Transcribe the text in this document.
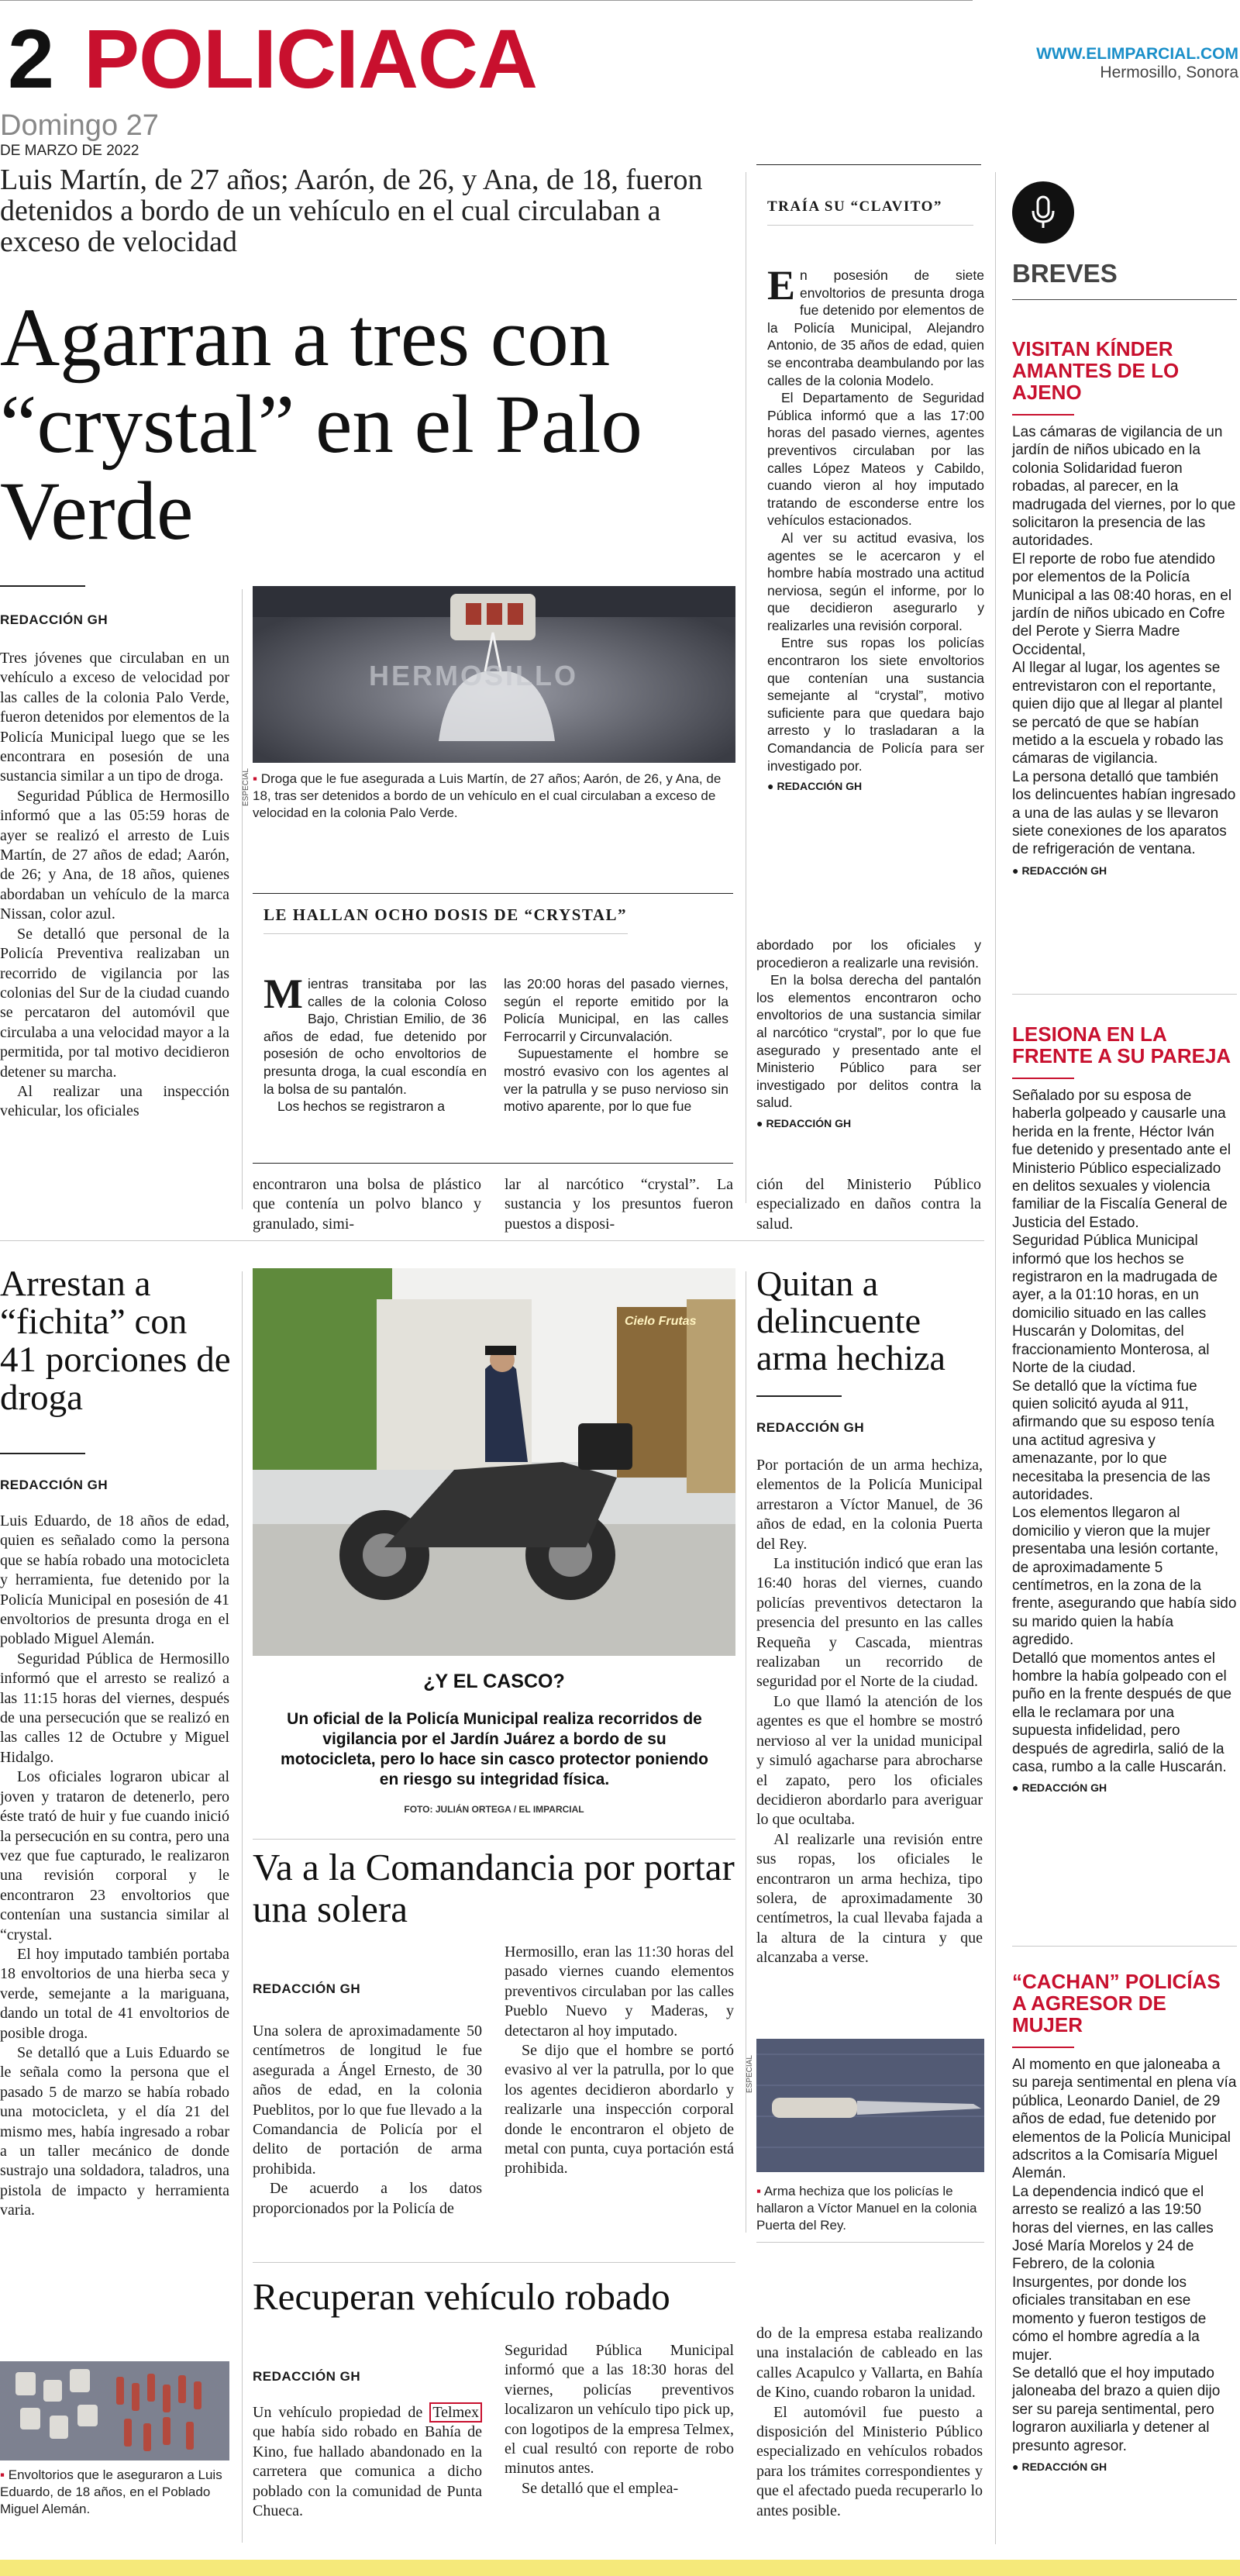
2 POLICIACA
Domingo 27
DE MARZO DE 2022
WWW.ELIMPARCIAL.COM
Hermosillo, Sonora
Luis Martín, de 27 años; Aarón, de 26, y Ana, de 18, fueron detenidos a bordo de un vehículo en el cual circulaban a exceso de velocidad
Agarran a tres con “crystal” en el Palo Verde
REDACCIÓN GH

Tres jóvenes que circulaban en un vehículo a exceso de velocidad por las calles de la colonia Palo Verde, fueron detenidos por elementos de la Policía Municipal luego que se les encontrara en posesión de una sustancia similar a un tipo de droga.

Seguridad Pública de Hermosillo informó que a las 05:59 horas de ayer se realizó el arresto de Luis Martín, de 27 años de edad; Aarón, de 26; y Ana, de 18 años, quienes abordaban un vehículo de la marca Nissan, color azul.

Se detalló que personal de la Policía Preventiva realizaban un recorrido de vigilancia por las colonias del Sur de la ciudad cuando se percataron del automóvil que circulaba a una velocidad mayor a la permitida, por tal motivo decidieron detener su marcha.

Al realizar una inspección vehicular, los oficiales

HERMOSILLO
ESPECIAL ▪ Droga que le fue asegurada a Luis Martín, de 27 años; Aarón, de 26, y Ana, de 18, tras ser detenidos a bordo de un vehículo en el cual circulaban a exceso de velocidad en la colonia Palo Verde.
LE HALLAN OCHO DOSIS DE “CRYSTAL”

Mientras transitaba por las calles de la colonia Coloso Bajo, Christian Emilio, de 36 años de edad, fue detenido por posesión de ocho envoltorios de presunta droga, la cual escondía en la bolsa de su pantalón.

Los hechos se registraron a

las 20:00 horas del pasado viernes, según el reporte emitido por la Policía Municipal, en las calles Ferrocarril y Circunvalación.

Supuestamente el hombre se mostró evasivo con los agentes al ver la patrulla y se puso nervioso sin motivo aparente, por lo que fue

abordado por los oficiales y procedieron a realizarle una revisión.

En la bolsa derecha del pantalón los elementos encontraron ocho envoltorios de una sustancia similar al narcótico “crystal”, por lo que fue asegurado y presentado ante el Ministerio Público para ser investigado por delitos contra la salud.

● REDACCIÓN GH

encontraron una bolsa de plástico que contenía un polvo blanco y granulado, simi-

lar al narcótico “crystal”. La sustancia y los presuntos fueron puestos a disposi-

ción del Ministerio Público especializado en daños contra la salud.

TRAÍA SU “CLAVITO”

En posesión de siete envoltorios de presunta droga fue detenido por elementos de la Policía Municipal, Alejandro Antonio, de 35 años de edad, quien se encontraba deambulando por las calles de la colonia Modelo.

El Departamento de Seguridad Pública informó que a las 17:00 horas del pasado viernes, agentes preventivos circulaban por las calles López Mateos y Cabildo, cuando vieron al hoy imputado tratando de esconderse entre los vehículos estacionados.

Al ver su actitud evasiva, los agentes se le acercaron y el hombre había mostrado una actitud nerviosa, según el informe, por lo que decidieron asegurarlo y realizarles una revisión corporal.

Entre sus ropas los policías encontraron los siete envoltorios que contenían una sustancia semejante al “crystal”, motivo suficiente para que quedara bajo arresto y lo trasladaran a la Comandancia de Policía para ser investigado por.

● REDACCIÓN GH
BREVES
VISITAN KÍNDER AMANTES DE LO AJENO

Las cámaras de vigilancia de un jardín de niños ubicado en la colonia Solidaridad fueron robadas, al parecer, en la madrugada del viernes, por lo que solicitaron la presencia de las autoridades.

El reporte de robo fue atendido por elementos de la Policía Municipal a las 08:40 horas, en el jardín de niños ubicado en Cofre del Perote y Sierra Madre Occidental,

Al llegar al lugar, los agentes se entrevistaron con el reportante, quien dijo que al llegar al plantel se percató de que se habían metido a la escuela y robado las cámaras de vigilancia.

La persona detalló que también los delincuentes habían ingresado a una de las aulas y se llevaron siete conexiones de los aparatos de refrigeración de ventana.

● REDACCIÓN GH
LESIONA EN LA FRENTE A SU PAREJA

Señalado por su esposa de haberla golpeado y causarle una herida en la frente, Héctor Iván fue detenido y presentado ante el Ministerio Público especializado en delitos sexuales y violencia familiar de la Fiscalía General de Justicia del Estado.

Seguridad Pública Municipal informó que los hechos se registraron en la madrugada de ayer, a la 01:10 horas, en un domicilio situado en las calles Huscarán y Dolomitas, del fraccionamiento Monterosa, al Norte de la ciudad.

Se detalló que la víctima fue quien solicitó ayuda al 911, afirmando que su esposo tenía una actitud agresiva y amenazante, por lo que necesitaba la presencia de las autoridades.

Los elementos llegaron al domicilio y vieron que la mujer presentaba una lesión cortante, de aproximadamente 5 centímetros, en la zona de la frente, asegurando que había sido su marido quien la había agredido.

Detalló que momentos antes el hombre la había golpeado con el puño en la frente después de que ella le reclamara por una supuesta infidelidad, pero después de agredirla, salió de la casa, rumbo a la calle Huscarán.

● REDACCIÓN GH
“CACHAN” POLICÍAS A AGRESOR DE MUJER

Al momento en que jaloneaba a su pareja sentimental en plena vía pública, Leonardo Daniel, de 29 años de edad, fue detenido por elementos de la Policía Municipal adscritos a la Comisaría Miguel Alemán.

La dependencia indicó que el arresto se realizó a las 19:50 horas del viernes, en las calles José María Morelos y 24 de Febrero, de la colonia Insurgentes, por donde los oficiales transitaban en ese momento y fueron testigos de cómo el hombre agredía a la mujer.

Se detalló que el hoy imputado jaloneaba del brazo a quien dijo ser su pareja sentimental, pero lograron auxiliarla y detener al presunto agresor.

● REDACCIÓN GH
Arrestan a “fichita” con 41 porciones de droga
REDACCIÓN GH

Luis Eduardo, de 18 años de edad, quien es señalado como la persona que se había robado una motocicleta y herramienta, fue detenido por la Policía Municipal en posesión de 41 envoltorios de presunta droga en el poblado Miguel Alemán.

Seguridad Pública de Hermosillo informó que el arresto se realizó a las 11:15 horas del viernes, después de una persecución que se realizó en las calles 12 de Octubre y Miguel Hidalgo.

Los oficiales lograron ubicar al joven y trataron de detenerlo, pero éste trató de huir y fue cuando inició la persecución en su contra, pero una vez que fue capturado, le realizaron una revisión corporal y le encontraron 23 envoltorios que contenían una sustancia similar al “crystal.

El hoy imputado también portaba 18 envoltorios de una hierba seca y verde, semejante a la mariguana, dando un total de 41 envoltorios de posible droga.

Se detalló que a Luis Eduardo se le señala como la persona que el pasado 5 de marzo se había robado una motocicleta, y el día 21 del mismo mes, había ingresado a robar a un taller mecánico de donde sustrajo una soldadora, taladros, una pistola de impacto y herramienta varia.

▪ Envoltorios que le aseguraron a Luis Eduardo, de 18 años, en el Poblado Miguel Alemán.
Cielo Frutas
¿Y EL CASCO?
Un oficial de la Policía Municipal realiza recorridos de vigilancia por el Jardín Juárez a bordo de su motocicleta, pero lo hace sin casco protector poniendo en riesgo su integridad física.
FOTO: JULIÁN ORTEGA / EL IMPARCIAL
Va a la Comandancia por portar una solera
REDACCIÓN GH

Una solera de aproximadamente 50 centímetros de longitud le fue asegurada a Ángel Ernesto, de 30 años de edad, en la colonia Pueblitos, por lo que fue llevado a la Comandancia de Policía por el delito de portación de arma prohibida.

De acuerdo a los datos proporcionados por la Policía de

Hermosillo, eran las 11:30 horas del pasado viernes cuando elementos preventivos circulaban por las calles Pueblo Nuevo y Maderas, y detectaron al hoy imputado.

Se dijo que el hombre se portó evasivo al ver la patrulla, por lo que los agentes decidieron abordarlo y realizarle una inspección corporal donde le encontraron el objeto de metal con punta, cuya portación está prohibida.

Recuperan vehículo robado
REDACCIÓN GH

Un vehículo propiedad de Telmex que había sido robado en Bahía de Kino, fue hallado abandonado en la carretera que comunica a dicho poblado con la comunidad de Punta Chueca.

Seguridad Pública Municipal informó que a las 18:30 horas del viernes, policías preventivos localizaron un vehículo tipo pick up, con logotipos de la empresa Telmex, el cual resultó con reporte de robo minutos antes.

Se detalló que el emplea-

do de la empresa estaba realizando una instalación de cableado en las calles Acapulco y Vallarta, en Bahía de Kino, cuando robaron la unidad.

El automóvil fue puesto a disposición del Ministerio Público especializado en vehículos robados para los trámites correspondientes y que el afectado pueda recuperarlo lo antes posible.

Quitan a delincuente arma hechiza
REDACCIÓN GH

Por portación de un arma hechiza, elementos de la Policía Municipal arrestaron a Víctor Manuel, de 36 años de edad, en la colonia Puerta del Rey.

La institución indicó que eran las 16:40 horas del viernes, cuando policías preventivos detectaron la presencia del presunto en las calles Requeña y Cascada, mientras realizaban un recorrido de seguridad por el Norte de la ciudad.

Lo que llamó la atención de los agentes es que el hombre se mostró nervioso al ver la unidad municipal y simuló agacharse para abrocharse el zapato, pero los oficiales decidieron abordarlo para averiguar lo que ocultaba.

Al realizarle una revisión entre sus ropas, los oficiales le encontraron un arma hechiza, tipo solera, de aproximadamente 30 centímetros, la cual llevaba fajada a la altura de la cintura y que alcanzaba a verse.

ESPECIAL
▪ Arma hechiza que los policías le hallaron a Víctor Manuel en la colonia Puerta del Rey.
